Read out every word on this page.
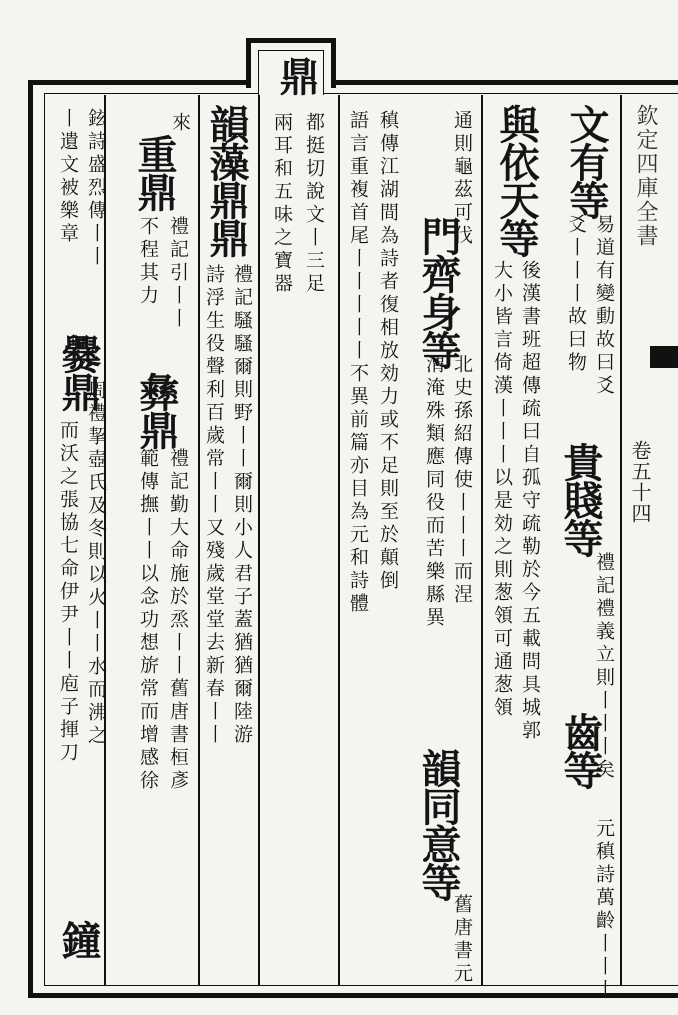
欽定四庫全書
卷五十四
文有等
易道有變動故曰爻
爻丨丨丨故曰物
貴賤等
禮記禮義立則丨丨丨矣
齒等
元稹詩萬齡丨丨丨
與依天等
後漢書班超傳疏曰自孤守疏勒於今五載問具城郭
大小皆言倚漢丨丨丨以是効之則葱領可通葱領
通則龜茲可伐
門齊身等
北史孫紹傳使丨丨丨而涅
渭淹殊類應同役而苦樂縣異
韻同意等
舊唐書元
稹傳江湖間為詩者復相放効力或不足則至於顛倒
語言重複首尾丨丨丨丨丨不異前篇亦目為元和詩體
鼎
都挺切說文丨三足
兩耳和五味之寶器
韻藻鼎鼎
禮記騷騷爾則野丨丨爾則小人君子蓋猶猶爾陸游
詩浮生役聲利百歲常丨丨又殘歲堂堂去新春丨丨
重鼎
來
禮記引丨丨
不程其力
彝鼎
禮記勤大命施於烝丨丨舊唐書桓彥
範傳撫丨丨以念功想旂常而增感徐
鉉詩盛烈傳丨丨
丨遺文被樂章
爨鼎
周禮挈壺氏及冬則以火丨丨水而沸之
而沃之張協七命伊尹丨丨庖子揮刀
鐘
